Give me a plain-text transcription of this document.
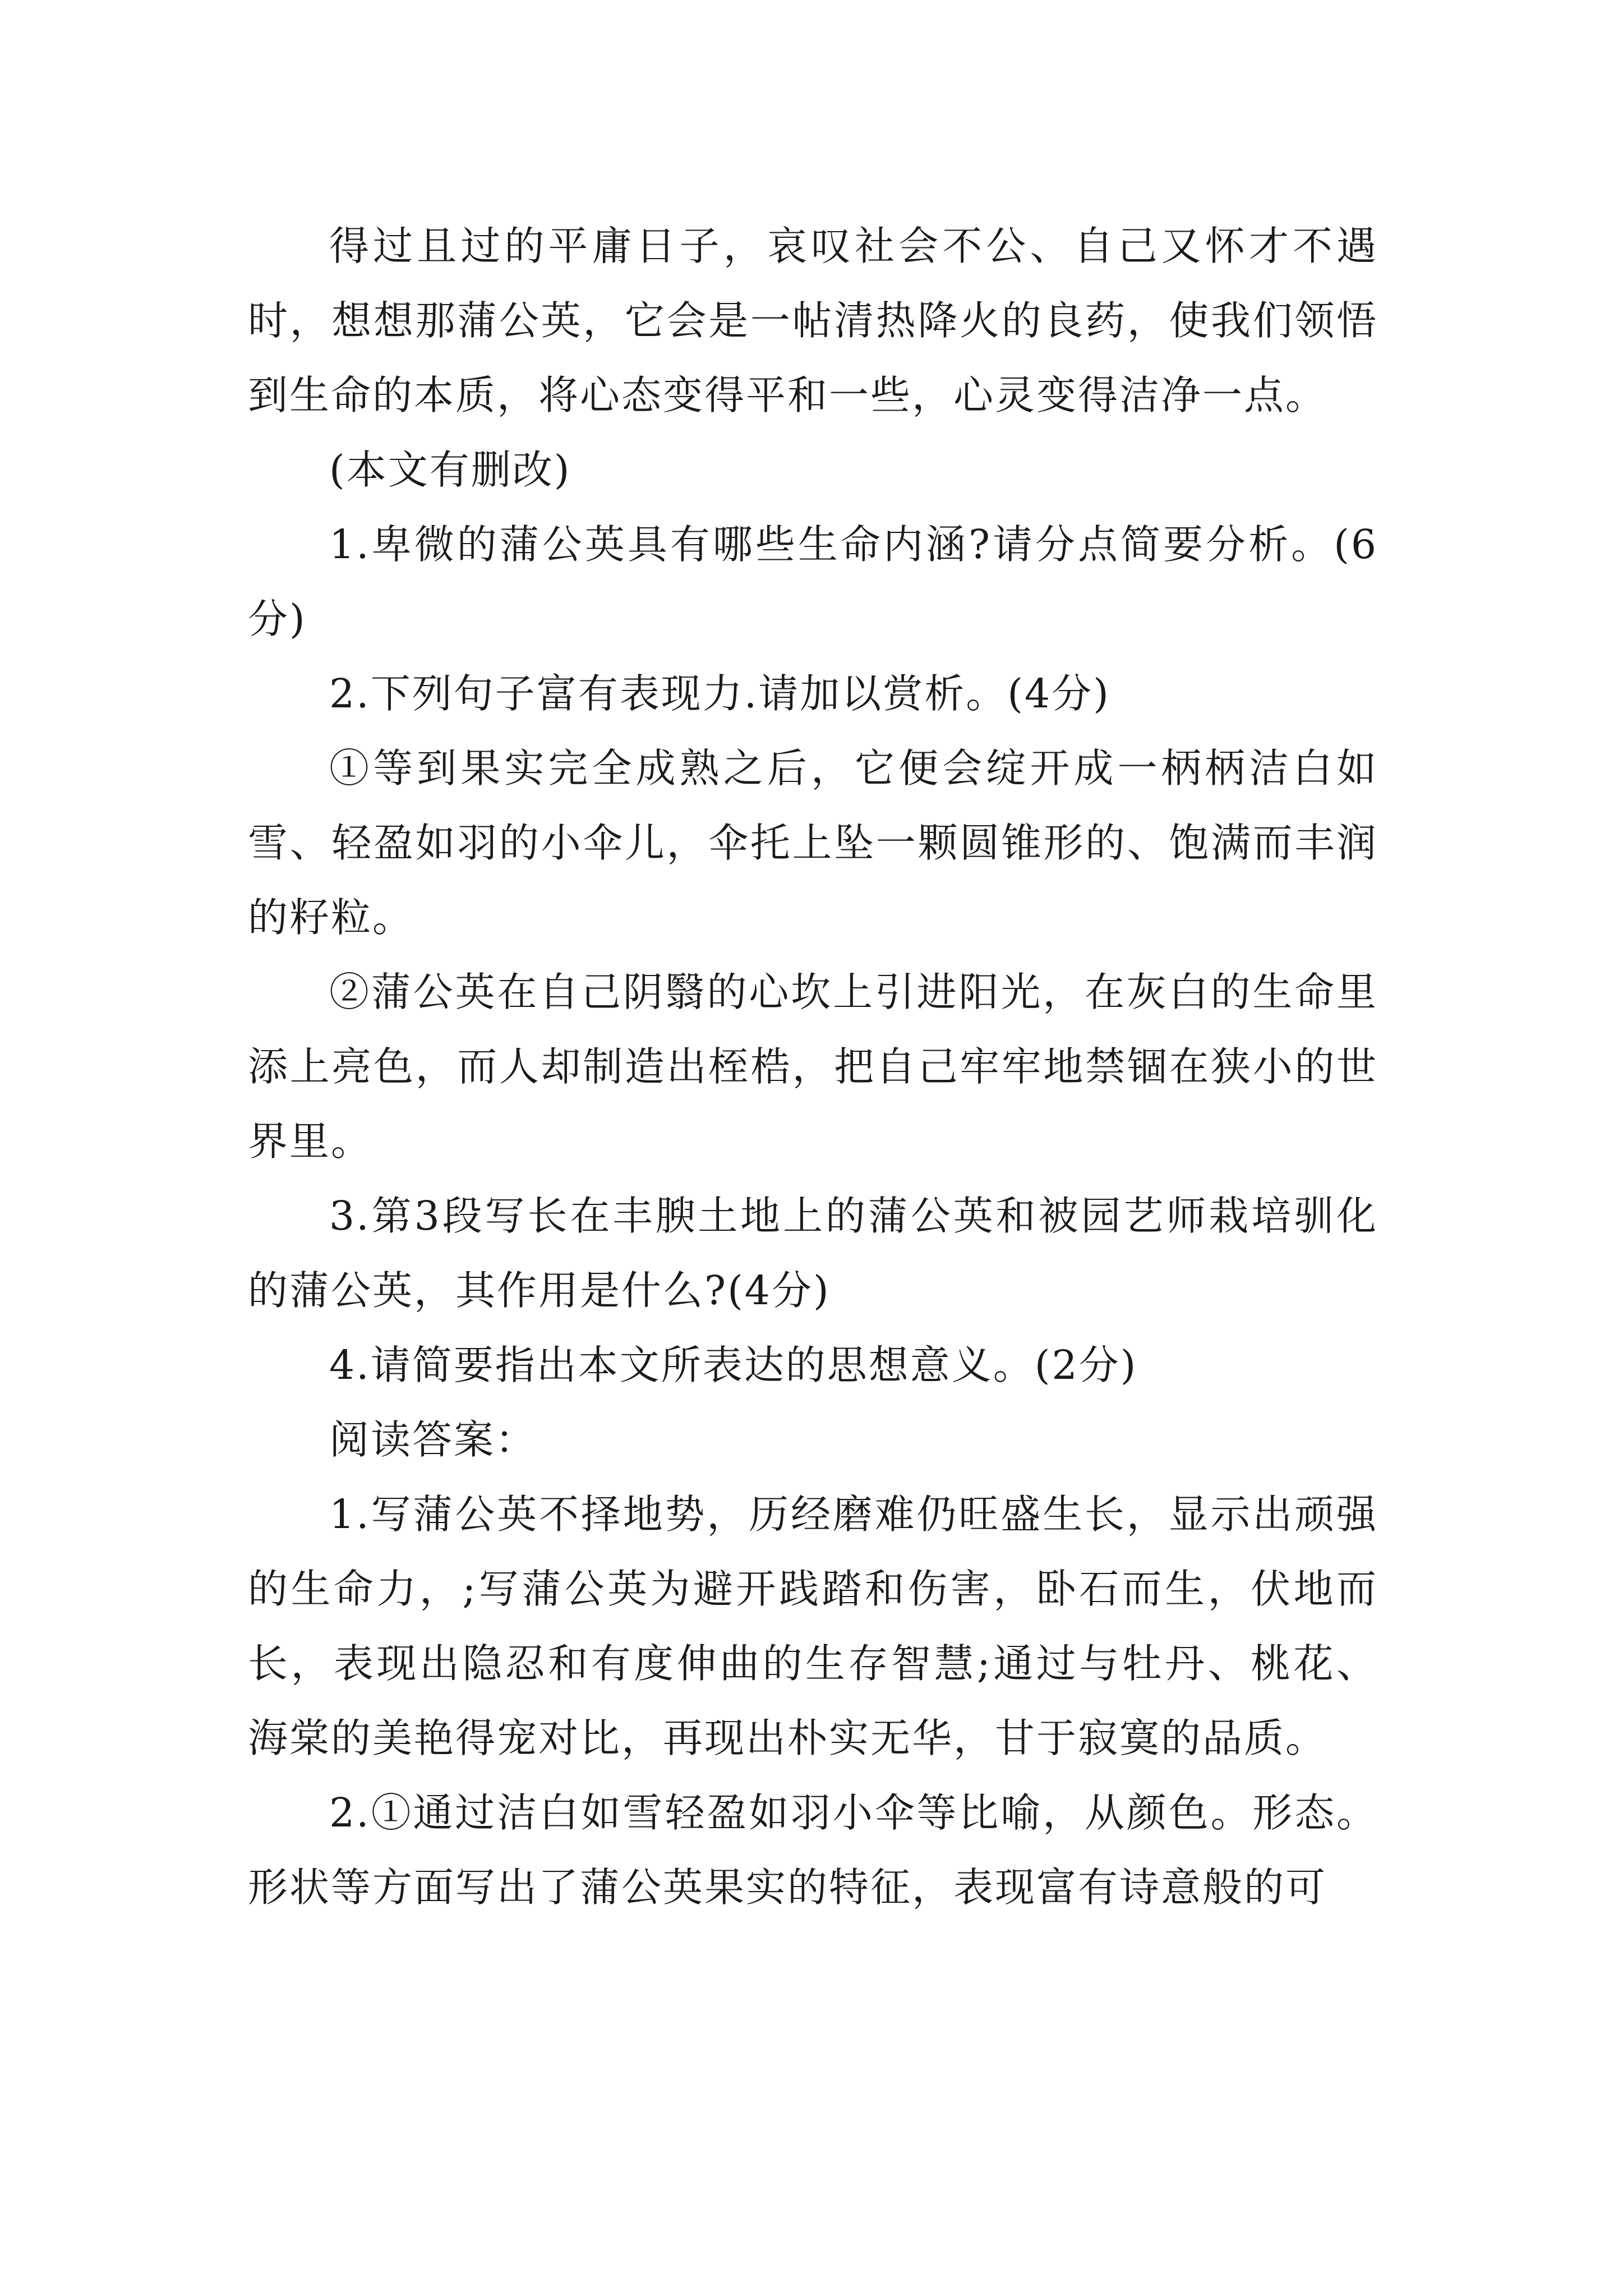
得过且过的平庸日子，哀叹社会不公、自己又怀才不遇时，想想那蒲公英，它会是一帖清热降火的良药，使我们领悟到生命的本质，将心态变得平和一些，心灵变得洁净一点。

(本文有删改)

1.卑微的蒲公英具有哪些生命内涵?请分点简要分析。(6分)

2.下列句子富有表现力.请加以赏析。(4分)

①等到果实完全成熟之后，它便会绽开成一柄柄洁白如雪、轻盈如羽的小伞儿，伞托上坠一颗圆锥形的、饱满而丰润的籽粒。

②蒲公英在自己阴翳的心坎上引进阳光，在灰白的生命里添上亮色，而人却制造出桎梏，把自己牢牢地禁锢在狭小的世界里。

3.第3段写长在丰腴土地上的蒲公英和被园艺师栽培驯化的蒲公英，其作用是什么?(4分)

4.请简要指出本文所表达的思想意义。(2分)

阅读答案：

1.写蒲公英不择地势，历经磨难仍旺盛生长，显示出顽强的生命力，;写蒲公英为避开践踏和伤害，卧石而生，伏地而长，表现出隐忍和有度伸曲的生存智慧;通过与牡丹、桃花、海棠的美艳得宠对比，再现出朴实无华，甘于寂寞的品质。

2.①通过洁白如雪轻盈如羽小伞等比喻，从颜色。形态。形状等方面写出了蒲公英果实的特征，表现富有诗意般的可
